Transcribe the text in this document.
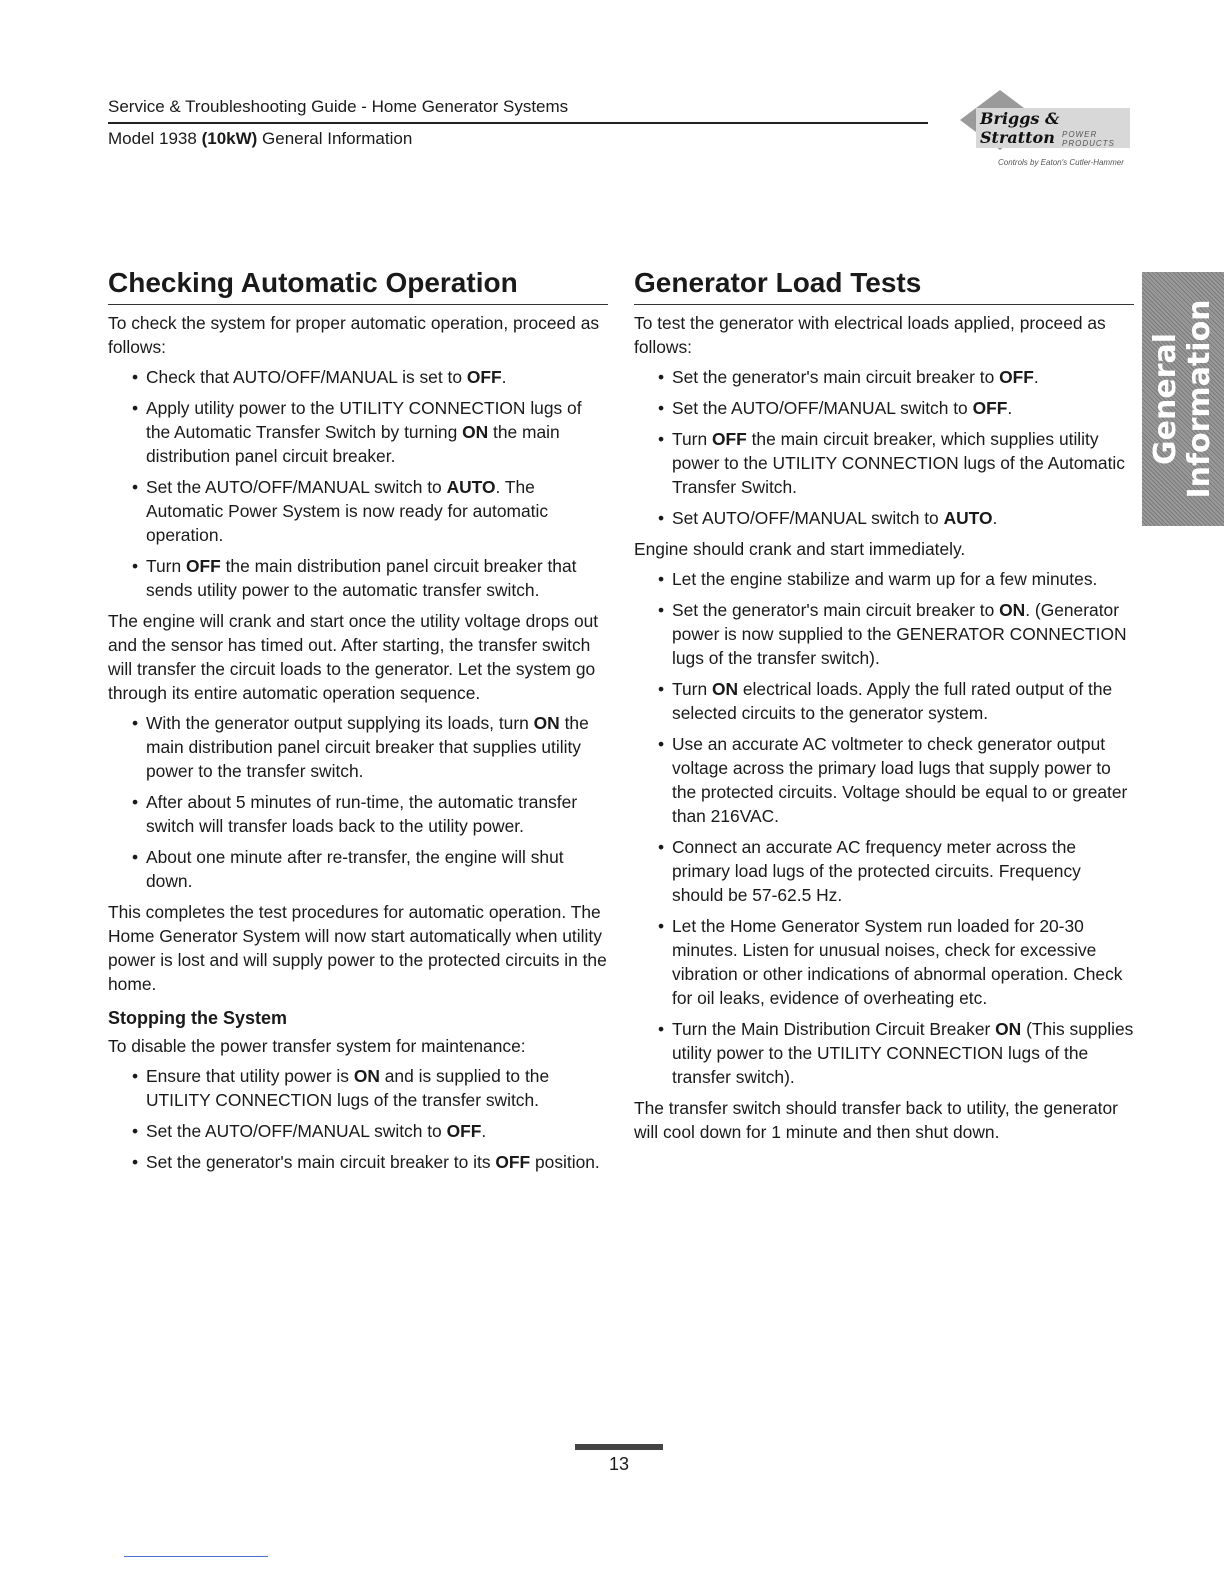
Service & Troubleshooting Guide - Home Generator Systems
Model 1938 (10kW) General Information
Briggs & Stratton POWER PRODUCTS
Controls by Eaton's Cutler-Hammer
General Information
Checking Automatic Operation

To check the system for proper automatic operation, proceed as follows:

• Check that AUTO/OFF/MANUAL is set to OFF.
• Apply utility power to the UTILITY CONNECTION lugs of the Automatic Transfer Switch by turning ON the main distribution panel circuit breaker.
• Set the AUTO/OFF/MANUAL switch to AUTO. The Automatic Power System is now ready for automatic operation.
• Turn OFF the main distribution panel circuit breaker that sends utility power to the automatic transfer switch.

The engine will crank and start once the utility voltage drops out and the sensor has timed out. After starting, the transfer switch will transfer the circuit loads to the generator. Let the system go through its entire automatic operation sequence.

• With the generator output supplying its loads, turn ON the main distribution panel circuit breaker that supplies utility power to the transfer switch.
• After about 5 minutes of run-time, the automatic transfer switch will transfer loads back to the utility power.
• About one minute after re-transfer, the engine will shut down.

This completes the test procedures for automatic operation. The Home Generator System will now start automatically when utility power is lost and will supply power to the protected circuits in the home.

Stopping the System

To disable the power transfer system for maintenance:

• Ensure that utility power is ON and is supplied to the UTILITY CONNECTION lugs of the transfer switch.
• Set the AUTO/OFF/MANUAL switch to OFF.
• Set the generator's main circuit breaker to its OFF position.
Generator Load Tests

To test the generator with electrical loads applied, proceed as follows:

• Set the generator's main circuit breaker to OFF.
• Set the AUTO/OFF/MANUAL switch to OFF.
• Turn OFF the main circuit breaker, which supplies utility power to the UTILITY CONNECTION lugs of the Automatic Transfer Switch.
• Set AUTO/OFF/MANUAL switch to AUTO.

Engine should crank and start immediately.

• Let the engine stabilize and warm up for a few minutes.
• Set the generator's main circuit breaker to ON. (Generator power is now supplied to the GENERATOR CONNECTION lugs of the transfer switch).
• Turn ON electrical loads. Apply the full rated output of the selected circuits to the generator system.
• Use an accurate AC voltmeter to check generator output voltage across the primary load lugs that supply power to the protected circuits. Voltage should be equal to or greater than 216VAC.
• Connect an accurate AC frequency meter across the primary load lugs of the protected circuits. Frequency should be 57-62.5 Hz.
• Let the Home Generator System run loaded for 20-30 minutes. Listen for unusual noises, check for excessive vibration or other indications of abnormal operation. Check for oil leaks, evidence of overheating etc.
• Turn the Main Distribution Circuit Breaker ON (This supplies utility power to the UTILITY CONNECTION lugs of the transfer switch).

The transfer switch should transfer back to utility, the generator will cool down for 1 minute and then shut down.

13
